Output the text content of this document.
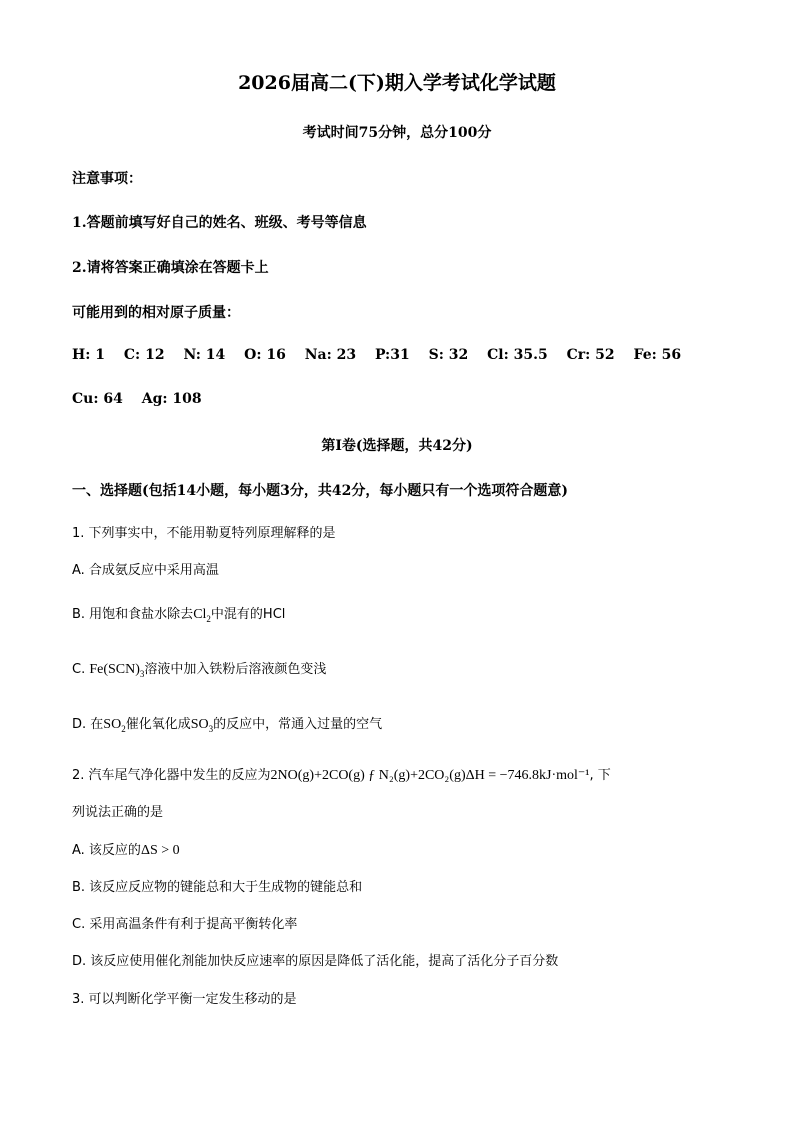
2026届高二(下)期入学考试化学试题
考试时间75分钟，总分100分
注意事项：
1.答题前填写好自己的姓名、班级、考号等信息
2.请将答案正确填涂在答题卡上
可能用到的相对原子质量：
H: 1 C: 12 N: 14 O: 16 Na: 23 P:31 S: 32 Cl: 35.5 Cr: 52 Fe: 56
Cu: 64 Ag: 108
第Ⅰ卷(选择题，共42分)
一、选择题(包括14小题，每小题3分，共42分，每小题只有一个选项符合题意)
1. 下列事实中，不能用勒夏特列原理解释的是
A. 合成氨反应中采用高温
B. 用饱和食盐水除去$Cl_2$中混有的HCl
C. $Fe(SCN)_3$溶液中加入铁粉后溶液颜色变浅
D. 在$SO_2$催化氧化成$SO_3$的反应中，常通入过量的空气
2. 汽车尾气净化器中发生的反应为2NO(g)+2CO(g) ƒ N₂(g)+2CO₂(g)ΔH = −746.8kJ·mol⁻¹, 下
列说法正确的是
A. 该反应的ΔS > 0
B. 该反应反应物的键能总和大于生成物的键能总和
C. 采用高温条件有利于提高平衡转化率
D. 该反应使用催化剂能加快反应速率的原因是降低了活化能，提高了活化分子百分数
3. 可以判断化学平衡一定发生移动的是
